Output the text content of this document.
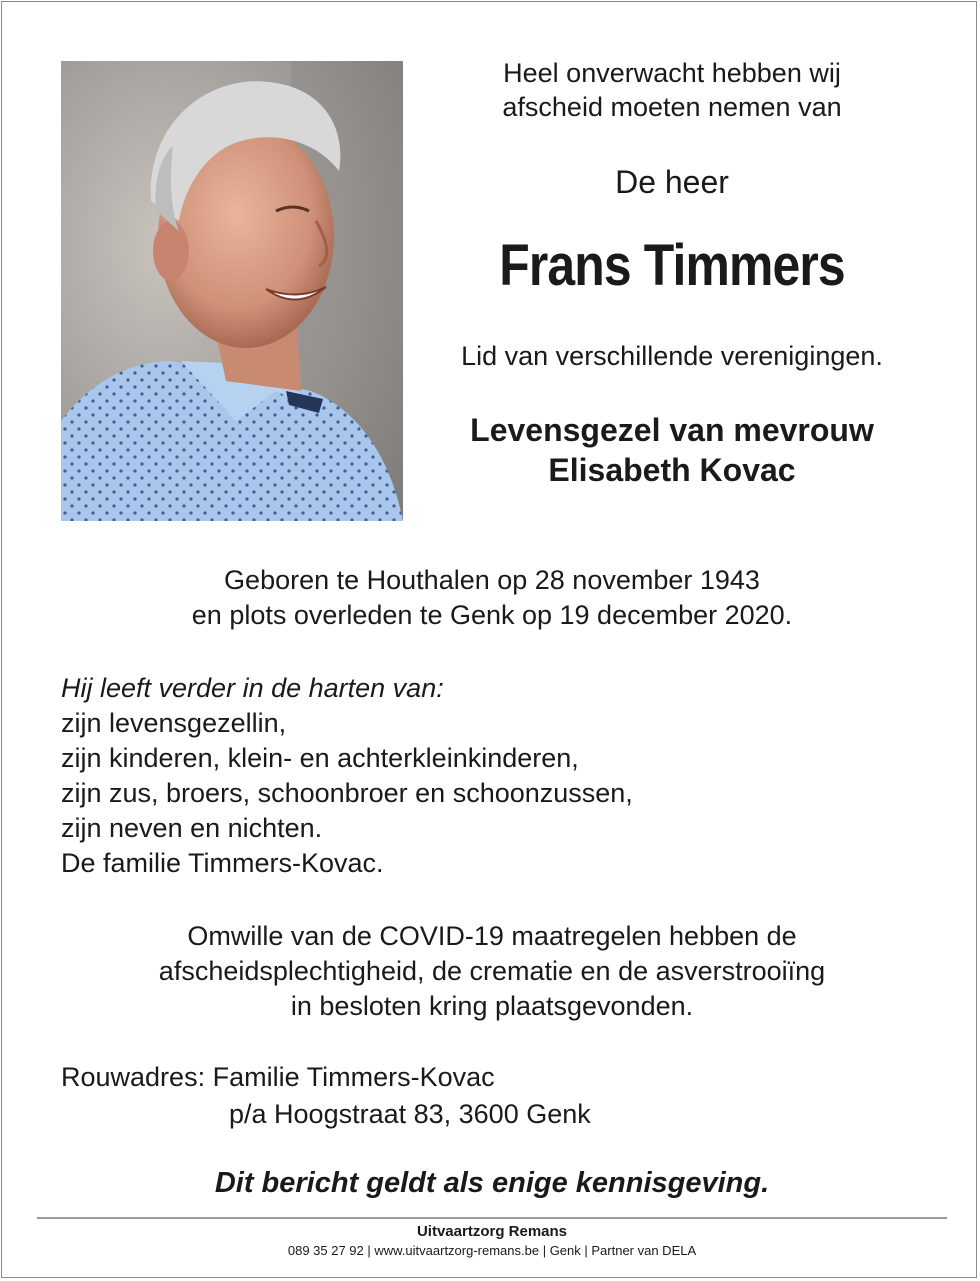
Heel onverwacht hebben wij
afscheid moeten nemen van
De heer
Frans Timmers
Lid van verschillende verenigingen.
Levensgezel van mevrouw
Elisabeth Kovac
Geboren te Houthalen op 28 november 1943
en plots overleden te Genk op 19 december 2020.
Hij leeft verder in de harten van:
zijn levensgezellin,
zijn kinderen, klein- en achterkleinkinderen,
zijn zus, broers, schoonbroer en schoonzussen,
zijn neven en nichten.
De familie Timmers-Kovac.
Omwille van de COVID-19 maatregelen hebben de
afscheidsplechtigheid, de crematie en de asverstrooiïng
in besloten kring plaatsgevonden.
Rouwadres: Familie Timmers-Kovac
p/a Hoogstraat 83, 3600 Genk
Dit bericht geldt als enige kennisgeving.
Uitvaartzorg Remans
089 35 27 92 | www.uitvaartzorg-remans.be | Genk | Partner van DELA
